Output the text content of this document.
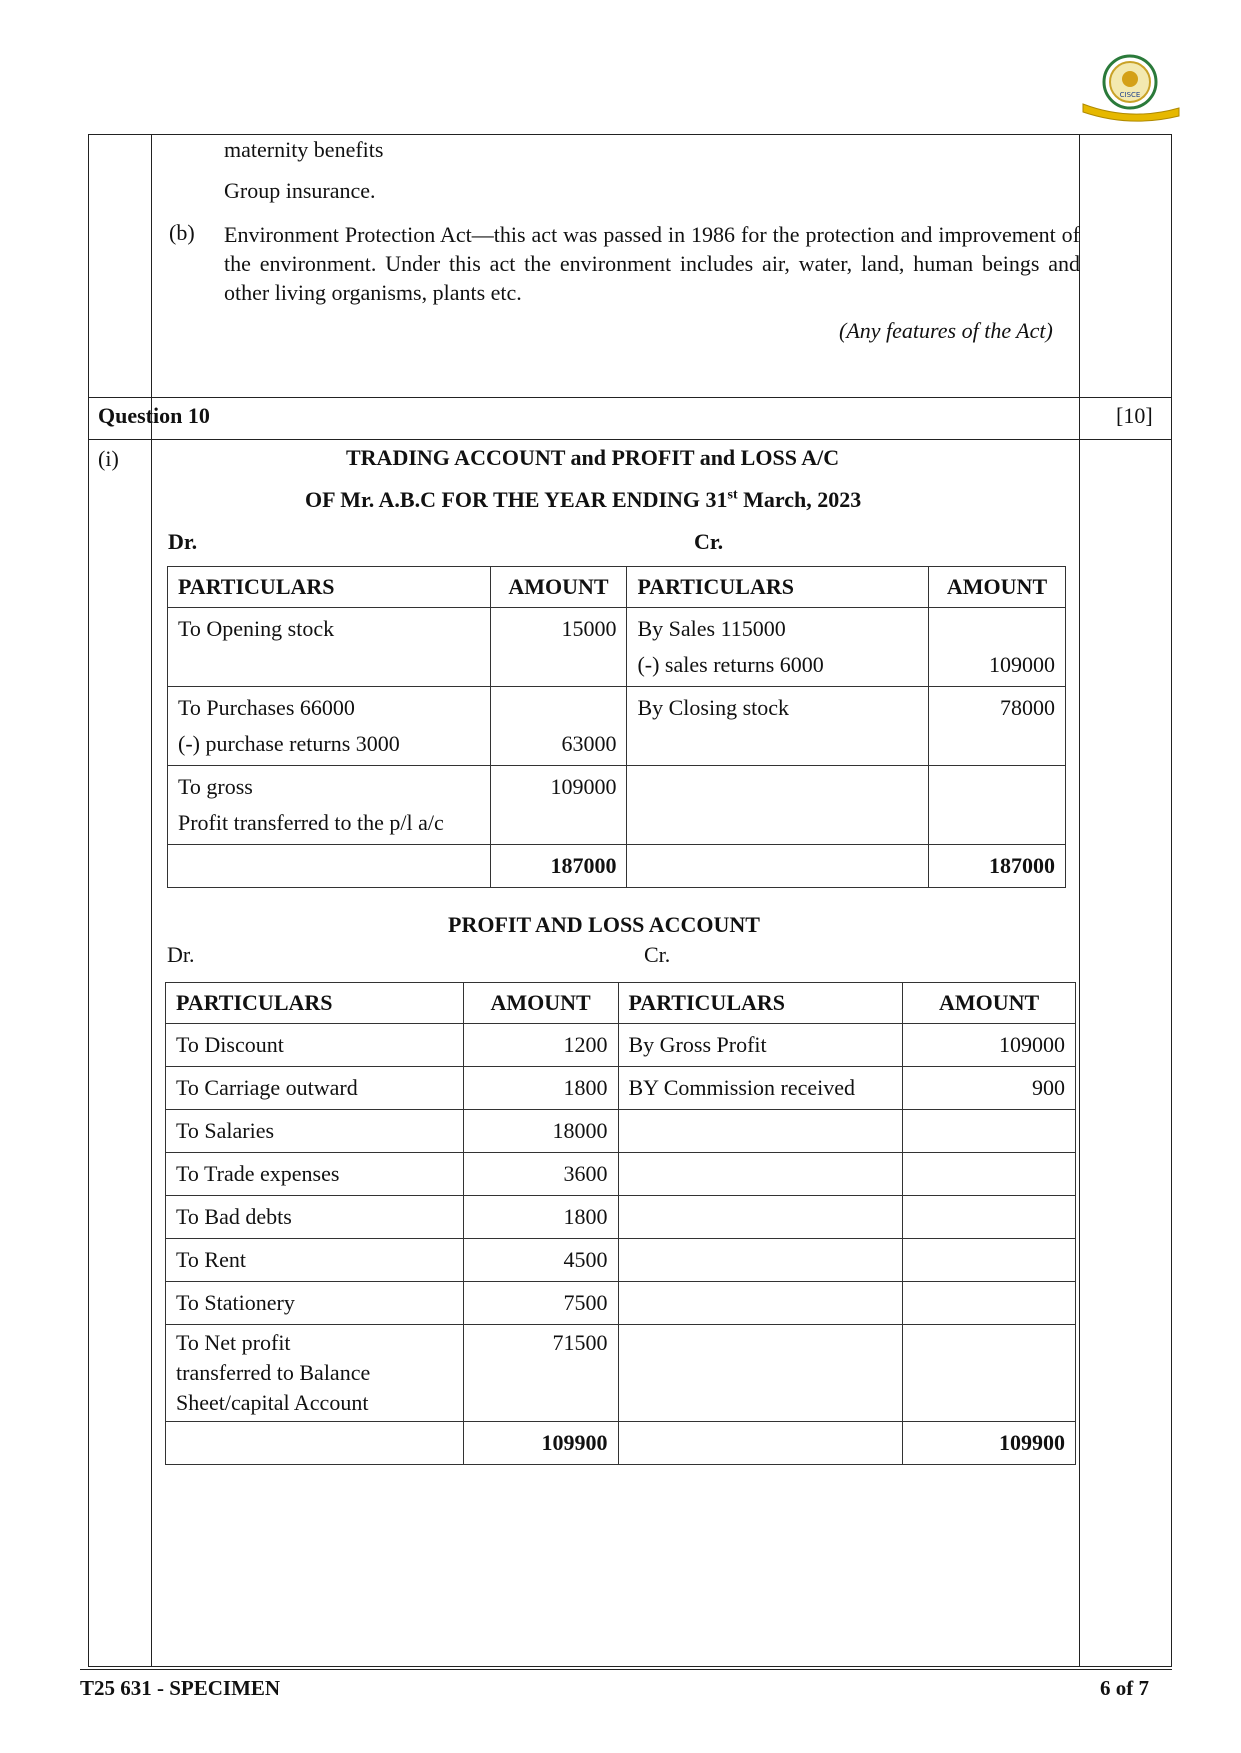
CISCE
maternity benefits
Group insurance.
(b) Environment Protection Act—this act was passed in 1986 for the protection and improvement of the environment. Under this act the environment includes air, water, land, human beings and other living organisms, plants etc.
(Any features of the Act)
Question 10	[10]
(i)	TRADING ACCOUNT and PROFIT and LOSS A/C
OF Mr. A.B.C FOR THE YEAR ENDING 31st March, 2023
Dr.	Cr.
PARTICULARS	AMOUNT	PARTICULARS	AMOUNT

To Opening stock	15000	By Sales 115000
(-) sales returns 6000	109000

To Purchases 66000
(-) purchase returns 3000	63000	By Closing stock	78000

To gross
Profit transferred to the p/l a/c	109000	

	187000		187000
PROFIT AND LOSS ACCOUNT
Dr.	Cr.
PARTICULARS	AMOUNT	PARTICULARS	AMOUNT
To Discount	1200	By Gross Profit	109000
To Carriage outward	1800	BY Commission received	900
To Salaries	18000		
To Trade expenses	3600		
To Bad debts	1800		
To Rent	4500		
To Stationery	7500		

To Net profit
transferred to Balance Sheet/capital Account	71500		
	109900		109900
T25 631 - SPECIMEN	6 of 7
